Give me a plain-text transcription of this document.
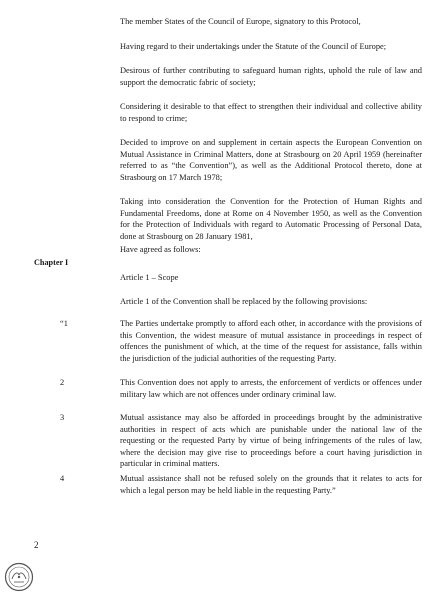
The member States of the Council of Europe, signatory to this Protocol,

Having regard to their undertakings under the Statute of the Council of Europe;

Desirous of further contributing to safeguard human rights, uphold the rule of law and support the democratic fabric of society;

Considering it desirable to that effect to strengthen their individual and collective ability to respond to crime;

Decided to improve on and supplement in certain aspects the European Convention on Mutual Assistance in Criminal Matters, done at Strasbourg on 20 April 1959 (hereinafter referred to as “the Convention”), as well as the Additional Protocol thereto, done at Strasbourg on 17 March 1978;

Taking into consideration the Convention for the Protection of Human Rights and Fundamental Freedoms, done at Rome on 4 November 1950, as well as the Convention for the Protection of Individuals with regard to Automatic Processing of Personal Data, done at Strasbourg on 28 January 1981,

Have agreed as follows:

Chapter I

Article 1 – Scope

Article 1 of the Convention shall be replaced by the following provisions:

“1	The Parties undertake promptly to afford each other, in accordance with the provisions of this Convention, the widest measure of mutual assistance in proceedings in respect of offences the punishment of which, at the time of the request for assistance, falls within the jurisdiction of the judicial authorities of the requesting Party.

2	This Convention does not apply to arrests, the enforcement of verdicts or offences under military law which are not offences under ordinary criminal law.

3	Mutual assistance may also be afforded in proceedings brought by the administrative authorities in respect of acts which are punishable under the national law of the requesting or the requested Party by virtue of being infringements of the rules of law, where the decision may give rise to proceedings before a court having jurisdiction in particular in criminal matters.

4	Mutual assistance shall not be refused solely on the grounds that it relates to acts for which a legal person may be held liable in the requesting Party.”

2
